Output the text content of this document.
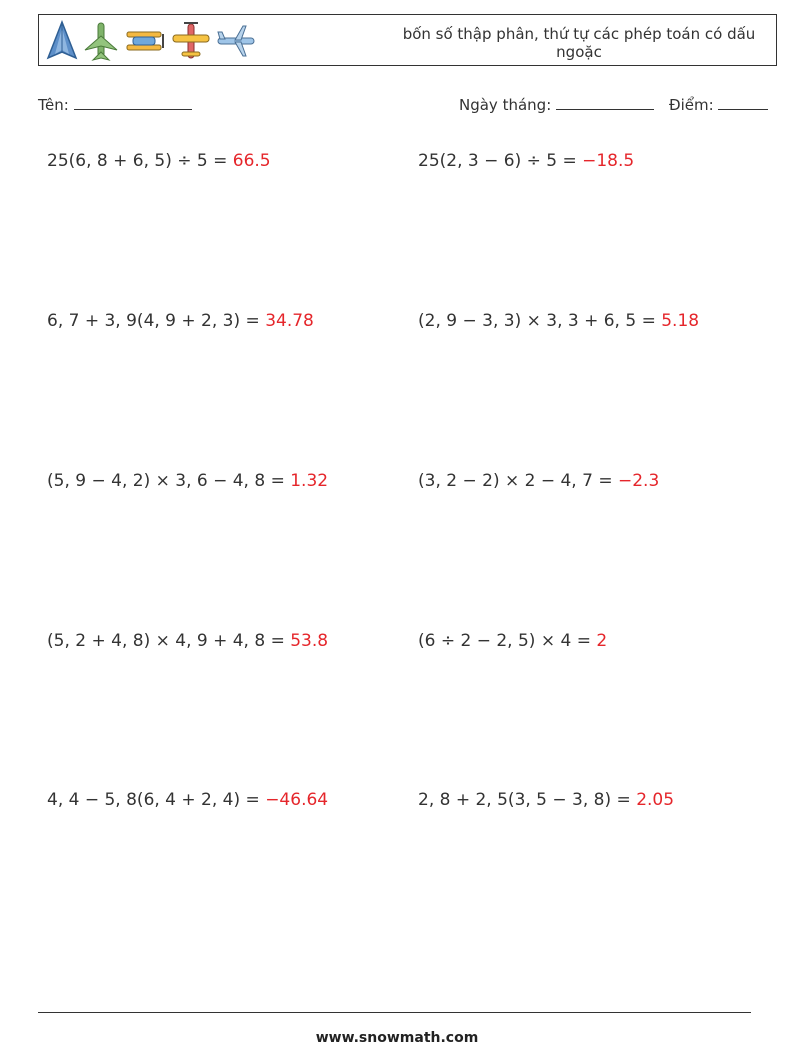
bốn số thập phân, thứ tự các phép toán có dấu ngoặc
Tên:	Ngày tháng:	Điểm:
25(6, 8 + 6, 5) ÷ 5 = 66.5	25(2, 3 − 6) ÷ 5 = −18.5
6, 7 + 3, 9(4, 9 + 2, 3) = 34.78	(2, 9 − 3, 3) × 3, 3 + 6, 5 = 5.18
(5, 9 − 4, 2) × 3, 6 − 4, 8 = 1.32	(3, 2 − 2) × 2 − 4, 7 = −2.3
(5, 2 + 4, 8) × 4, 9 + 4, 8 = 53.8	(6 ÷ 2 − 2, 5) × 4 = 2
4, 4 − 5, 8(6, 4 + 2, 4) = −46.64	2, 8 + 2, 5(3, 5 − 3, 8) = 2.05
www.snowmath.com
